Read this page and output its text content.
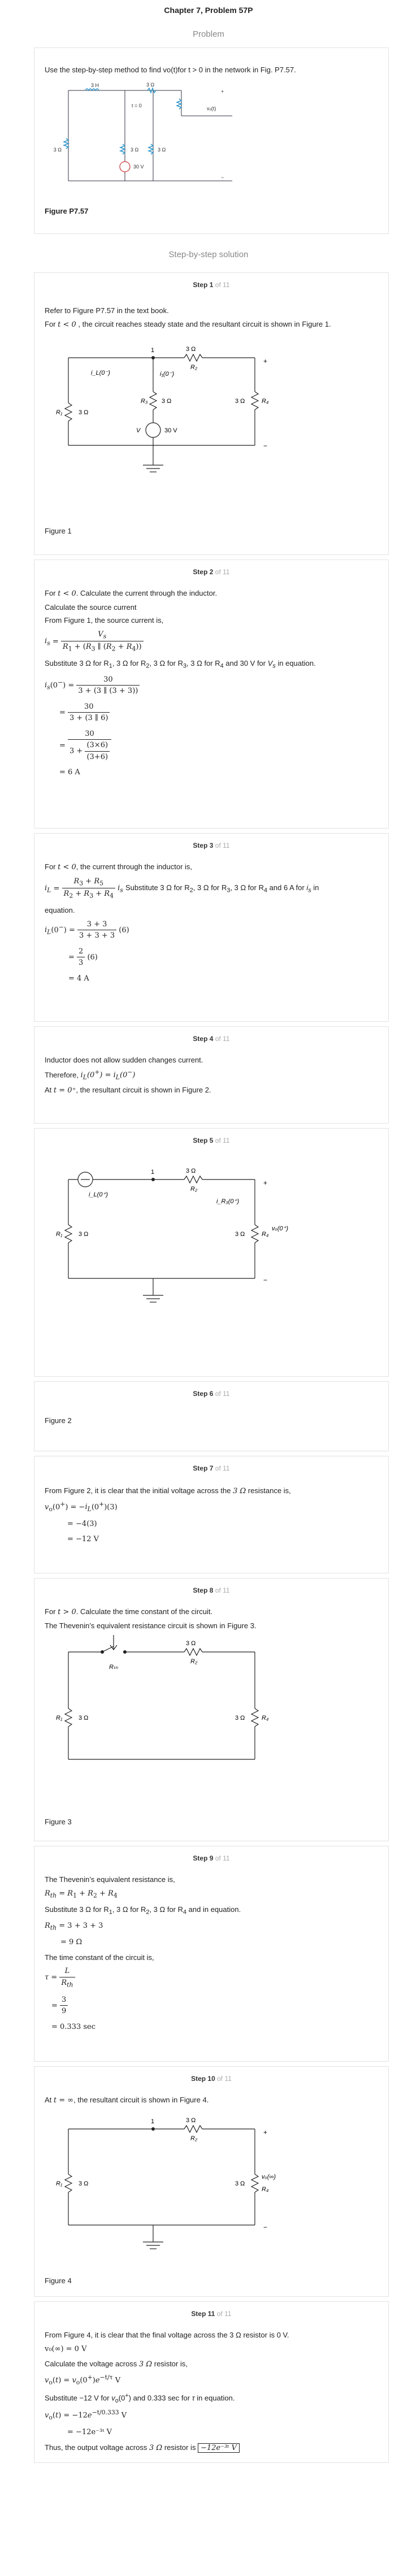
Chapter 7, Problem 57P
Problem

Use the step-by-step method to find vo(t)for t > 0 in the network in Fig. P7.57.

3 Ω	3 Ω	3 Ω
3 H	3 Ω
30 V
t = 0	vₒ(t)
+
−
Figure P7.57
Step-by-step solution
Step 1 of 11

Refer to Figure P7.57 in the text book.

For t < 0 , the circuit reaches steady state and the resultant circuit is shown in Figure 1.

1
i_L(0⁻)	i₁(0⁻)
R₁	3 Ω
R₃ 3 Ω
3 Ω
R₂
3 Ω	R₄
30 V
V
+
−
Figure 1
Step 2 of 11

For t < 0. Calculate the current through the inductor.

Calculate the source current

From Figure 1, the source current is,

$i_s = \frac{V_s}{R_1 + (R_3 \parallel (R_2 + R_4))}$

Substitute 3 Ω for $R_1$, 3 Ω for $R_2$, 3 Ω for $R_3$, 3 Ω for $R_4$ and 30 V for $V_s$ in equation.

$i_s(0^-) = \frac{30}{3 + (3 \parallel (3 + 3))}$
= $\frac{30}{3 + (3 \parallel 6)}$
= $\frac{30}{3 + \frac{(3\times 6)}{(3+6)}}$
= 6 A
Step 3 of 11

For t < 0, the current through the inductor is,

$i_L = \frac{R_3 + R_5}{R_2 + R_3 + R_4} i_s$ Substitute 3 Ω for $R_2$, 3 Ω for $R_3$, 3 Ω for $R_4$ and 6 A for $i_s$ in

equation.

$i_L(0^-) = \frac{3 + 3}{3 + 3 + 3} (6)$
= $\frac{2}{3} (6)$
= 4 A
Step 4 of 11

Inductor does not allow sudden changes current.

Therefore, $i_L(0^+) = i_L(0^-)$

At t = 0⁺, the resultant circuit is shown in Figure 2.

Step 5 of 11
1
i_L(0⁺)
R₁	3 Ω
3 Ω
R₂
i_R₃(0⁺)
3 Ω	R₄
vₒ(0⁺)
+
−
Step 6 of 11
Figure 2
Step 7 of 11

From Figure 2, it is clear that the initial voltage across the 3 Ω resistance is,

$v_o(0^+) = -i_L(0^+)(3)$
= −4(3)
= −12 V
Step 8 of 11

For t > 0. Calculate the time constant of the circuit.

The Thevenin’s equivalent resistance circuit is shown in Figure 3.

Rₜₕ
3 Ω
R₂
R₁	3 Ω	3 Ω	R₄
Figure 3
Step 9 of 11

The Thevenin’s equivalent resistance is,

$R_{th} = R_1 + R_2 + R_4$

Substitute 3 Ω for $R_1$, 3 Ω for $R_2$, 3 Ω for $R_4$ and in equation.

$R_{th} = 3 + 3 + 3$
= 9 Ω

The time constant of the circuit is,

$\tau = \frac{L}{R_{th}}$
= $\frac{3}{9}$
= 0.333 sec
Step 10 of 11

At t = ∞, the resultant circuit is shown in Figure 4.

1	3 Ω
R₂
R₁	3 Ω	3 Ω
R₄
vₒ(∞)
+
−
Figure 4
Step 11 of 11

From Figure 4, it is clear that the final voltage across the 3 Ω resistor is 0 V.

v₀(∞) = 0 V

Calculate the voltage across 3 Ω resistor is,

$v_o(t) = v_o(0^+)e^{-t/\tau}$ V

Substitute −12 V for $v_o(0^+)$ and 0.333 sec for τ in equation.

$v_o(t) = -12e^{-t/0.333}$ V
= −12e⁻³ᵗ V

Thus, the output voltage across 3 Ω resistor is −12e⁻³ᵗ V
